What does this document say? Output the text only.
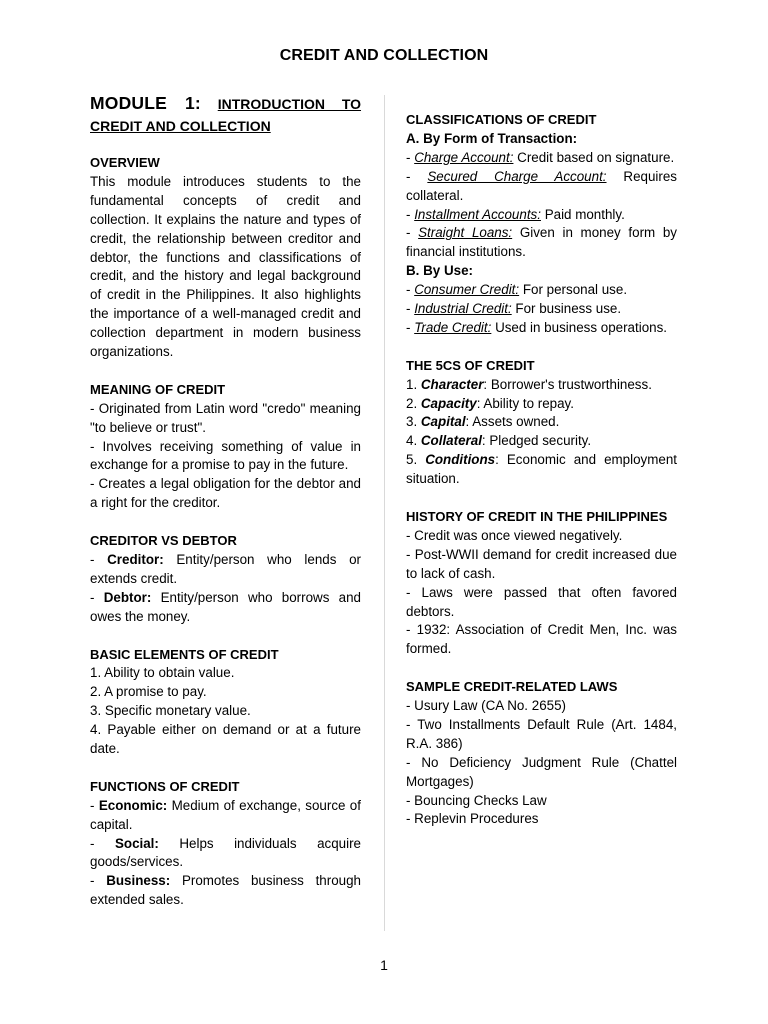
CREDIT AND COLLECTION
MODULE 1: INTRODUCTION TO CREDIT AND COLLECTION
OVERVIEW

This module introduces students to the fundamental concepts of credit and collection. It explains the nature and types of credit, the relationship between creditor and debtor, the functions and classifications of credit, and the history and legal background of credit in the Philippines. It also highlights the importance of a well-managed credit and collection department in modern business organizations.

MEANING OF CREDIT
- Originated from Latin word "credo" meaning "to believe or trust".
- Involves receiving something of value in exchange for a promise to pay in the future.
- Creates a legal obligation for the debtor and a right for the creditor.
CREDITOR VS DEBTOR
- Creditor: Entity/person who lends or extends credit.
- Debtor: Entity/person who borrows and owes the money.
BASIC ELEMENTS OF CREDIT
1. Ability to obtain value.
2. A promise to pay.
3. Specific monetary value.
4. Payable either on demand or at a future date.
FUNCTIONS OF CREDIT
- Economic: Medium of exchange, source of capital.
- Social: Helps individuals acquire goods/services.
- Business: Promotes business through extended sales.
CLASSIFICATIONS OF CREDIT
A. By Form of Transaction:
- Charge Account: Credit based on signature.
- Secured Charge Account: Requires collateral.
- Installment Accounts: Paid monthly.
- Straight Loans: Given in money form by financial institutions.
B. By Use:
- Consumer Credit: For personal use.
- Industrial Credit: For business use.
- Trade Credit: Used in business operations.
THE 5CS OF CREDIT
1. Character: Borrower's trustworthiness.
2. Capacity: Ability to repay.
3. Capital: Assets owned.
4. Collateral: Pledged security.
5. Conditions: Economic and employment situation.
HISTORY OF CREDIT IN THE PHILIPPINES
- Credit was once viewed negatively.
- Post-WWII demand for credit increased due to lack of cash.
- Laws were passed that often favored debtors.
- 1932: Association of Credit Men, Inc. was formed.
SAMPLE CREDIT-RELATED LAWS
- Usury Law (CA No. 2655)
- Two Installments Default Rule (Art. 1484, R.A. 386)
- No Deficiency Judgment Rule (Chattel Mortgages)
- Bouncing Checks Law
- Replevin Procedures
1
